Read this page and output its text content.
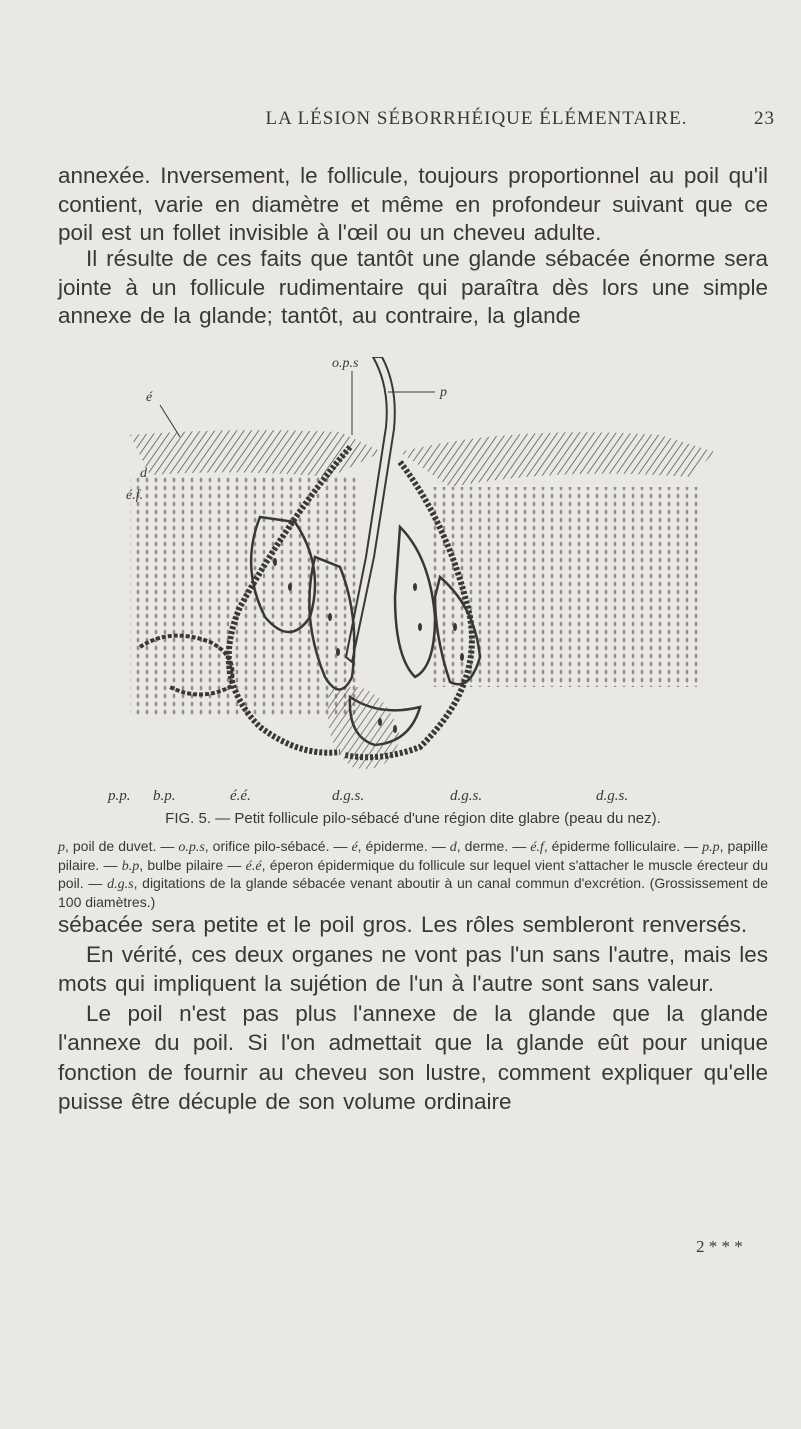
LA LÉSION SÉBORRHÉIQUE ÉLÉMENTAIRE.	23
annexée. Inversement, le follicule, toujours proportionnel au poil qu'il contient, varie en diamètre et même en profondeur suivant que ce poil est un follet invisible à l'œil ou un cheveu adulte.
Il résulte de ces faits que tantôt une glande sébacée énorme sera jointe à un follicule rudimentaire qui paraîtra dès lors une simple annexe de la glande; tantôt, au contraire, la glande
é
d
é.f.
o.p.s
p
p.p. b.p.	é.é.	d.g.s.	d.g.s.	d.g.s.
FIG. 5. — Petit follicule pilo-sébacé d'une région dite glabre (peau du nez).
p, poil de duvet. — o.p.s, orifice pilo-sébacé. — é, épiderme. — d, derme. — é.f, épiderme folliculaire. — p.p, papille pilaire. — b.p, bulbe pilaire — é.é, éperon épidermique du follicule sur lequel vient s'attacher le muscle érecteur du poil. — d.g.s, digitations de la glande sébacée venant aboutir à un canal commun d'excrétion. (Grossissement de 100 diamètres.)

sébacée sera petite et le poil gros. Les rôles sembleront renversés.

En vérité, ces deux organes ne vont pas l'un sans l'autre, mais les mots qui impliquent la sujétion de l'un à l'autre sont sans valeur.

Le poil n'est pas plus l'annexe de la glande que la glande l'annexe du poil. Si l'on admettait que la glande eût pour unique fonction de fournir au cheveu son lustre, comment expliquer qu'elle puisse être décuple de son volume ordinaire

2 * * *
